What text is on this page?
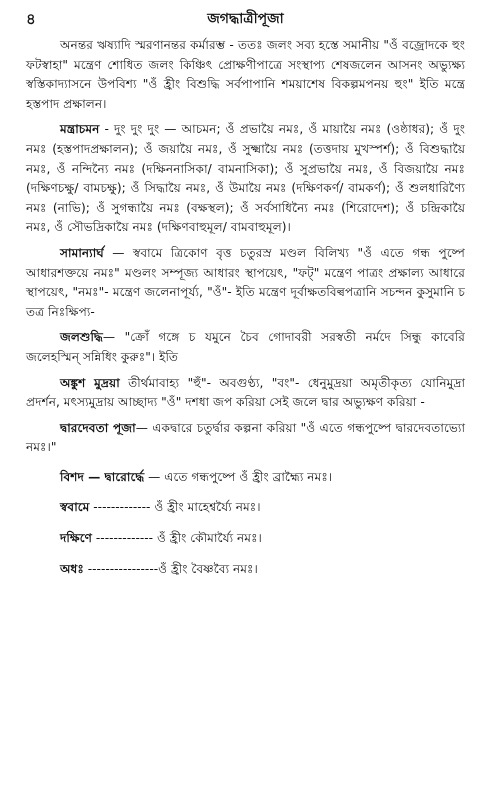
৪	জগদ্ধাত্রীপূজা

অনন্তর ঋষ্যাদি স্মরণানন্তর কর্মারম্ভ - ততঃ জলং সব্য হস্তে সমানীয় "ওঁ বজ্রোদকে হুং ফটস্বাহা" মন্ত্রেণ শোধিত জলং কিঞ্চিৎ প্রোক্ষণীপাত্রে সংস্থাপ্য শেষজলেন আসনং অভ্যুক্ষ্য স্বস্তিকাদ্যাসনে উপবিশ্য "ওঁ হ্রীং বিশুদ্ধি সর্বপাপানি শময়াশেষ বিকল্পমপনয় হুং" ইতি মন্ত্রে হস্তপাদ প্রক্ষালন।

মন্ত্রাচমন - দুং দুং দুং — আচমন; ওঁ প্রভায়ৈ নমঃ, ওঁ মায়ায়ৈ নমঃ (ওষ্ঠাধর); ওঁ দুং নমঃ (হস্তপাদপ্রক্ষালন); ওঁ জয়ায়ৈ নমঃ, ওঁ সুক্ষ্মায়ৈ নমঃ (তত্তদায় মুখস্পর্শ); ওঁ বিশুদ্ধায়ৈ নমঃ, ওঁ নন্দিন্যৈ নমঃ (দক্ষিননাসিকা/ বামনাসিকা); ওঁ সুপ্রভায়ৈ নমঃ, ওঁ বিজয়ায়ৈ নমঃ (দক্ষিণচক্ষু/ বামচক্ষু); ওঁ সিদ্ধায়ৈ নমঃ, ওঁ উমায়ৈ নমঃ (দক্ষিণকর্ণ/ বামকর্ণ); ওঁ শুলধারিণ্যৈ নমঃ (নাভি); ওঁ সুগন্ধায়ৈ নমঃ (বক্ষস্থল); ওঁ সর্বসাধিন্যৈ নমঃ (শিরোদেশ); ওঁ চন্দ্রিকায়ৈ নমঃ, ওঁ সৌভদ্রিকায়ৈ নমঃ (দক্ষিণবাহুমূল/ বামবাহুমূল)।

সামান্যার্ঘ — স্ববামে ত্রিকোণ বৃত্ত চতুরস্র মণ্ডল বিলিখ্য "ওঁ এতে গন্ধ পুষ্পে আধারশক্তয়ে নমঃ" মণ্ডলং সম্পূজ্য আধারং স্থাপয়েৎ, "ফট্" মন্ত্রেণ পাত্রং প্রক্ষাল্য আধারে স্থাপয়েৎ, "নমঃ"- মন্ত্রেণ জলেনাপূর্য্য, "ওঁ"- ইতি মন্ত্রেণ দূর্বাক্ষতবিল্বপত্রানি সচন্দন কুসুমানি চ তত্র নিঃক্ষিপ্য-

জলশুদ্ধি— "ক্রোঁ গঙ্গে চ যমুনে চৈব গোদাবরী সরস্বতী নর্মদে সিন্ধু কাবেরি জলেহস্মিন্ সন্নিধিং কুরুঃ"। ইতি

অঙ্কুশ মুদ্রয়া তীর্থমাবাহ্য "হুঁ"- অবগুণ্ঠ্য, "বং"- ধেনুমুদ্রয়া অমৃতীকৃত্য যোনিমুদ্রা প্রদর্শন, মৎস্যমুদ্রায় আচ্ছাদ্য "ওঁ" দশধা জপ করিয়া সেই জলে দ্বার অভ্যুক্ষণ করিয়া -

দ্বারদেবতা পূজা— একদ্বারে চতুর্দ্বার কল্পনা করিয়া "ওঁ এতে গন্ধপুষ্পে দ্বারদেবতাভ্যো নমঃ।"

বিশদ — দ্বারোর্দ্ধে — এতে গন্ধপুষ্পে ওঁ হ্রীং ব্রাহ্ম্যৈ নমঃ।
স্ববামে ------------- ওঁ হ্রীং মাহেশ্বর্য্যৈ নমঃ।
দক্ষিণে ------------- ওঁ হ্রীং কৌমার্য্যৈ নমঃ।
অধঃ ----------------ওঁ হ্রীং বৈষ্ণব্যৈ নমঃ।
